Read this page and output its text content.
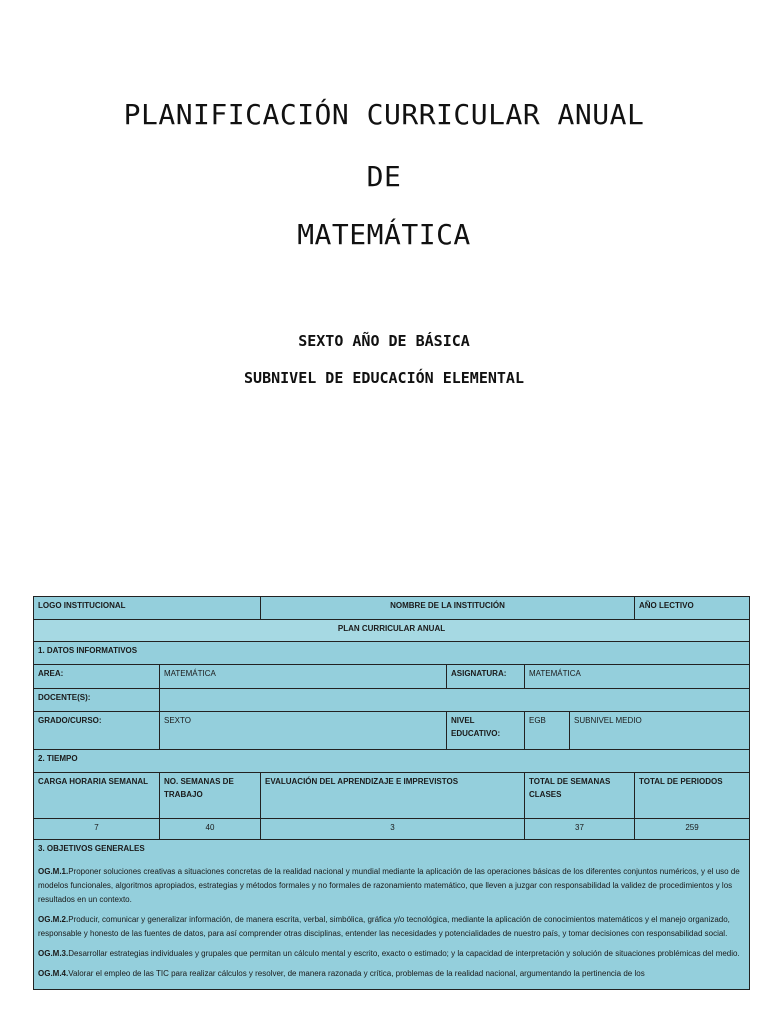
PLANIFICACIÓN CURRICULAR ANUAL
DE
MATEMÁTICA
SEXTO AÑO DE BÁSICA
SUBNIVEL DE EDUCACIÓN ELEMENTAL
LOGO INSTITUCIONAL		NOMBRE DE LA INSTITUCIÓN				AÑO LECTIVO
PLAN CURRICULAR ANUAL						
1. DATOS INFORMATIVOS						
AREA:	MATEMÁTICA		ASIGNATURA:	MATEMÁTICA		
DOCENTE(S):						
GRADO/CURSO:	SEXTO		NIVEL EDUCATIVO:	EGB	SUBNIVEL MEDIO	
2. TIEMPO						
CARGA HORARIA SEMANAL	NO. SEMANAS DE TRABAJO	EVALUACIÓN DEL APRENDIZAJE E IMPREVISTOS		TOTAL DE SEMANAS CLASES		TOTAL DE PERIODOS
7	40	3		37		259

3. OBJETIVOS GENERALES

OG.M.1.Proponer soluciones creativas a situaciones concretas de la realidad nacional y mundial mediante la aplicación de las operaciones básicas de los diferentes conjuntos numéricos, y el uso de modelos funcionales, algoritmos apropiados, estrategias y métodos formales y no formales de razonamiento matemático, que lleven a juzgar con responsabilidad la validez de procedimientos y los resultados en un contexto.

OG.M.2.Producir, comunicar y generalizar información, de manera escrita, verbal, simbólica, gráfica y/o tecnológica, mediante la aplicación de conocimientos matemáticos y el manejo organizado, responsable y honesto de las fuentes de datos, para así comprender otras disciplinas, entender las necesidades y potencialidades de nuestro país, y tomar decisiones con responsabilidad social.

OG.M.3.Desarrollar estrategias individuales y grupales que permitan un cálculo mental y escrito, exacto o estimado; y la capacidad de interpretación y solución de situaciones problémicas del medio.

OG.M.4.Valorar el empleo de las TIC para realizar cálculos y resolver, de manera razonada y crítica, problemas de la realidad nacional, argumentando la pertinencia de los						
